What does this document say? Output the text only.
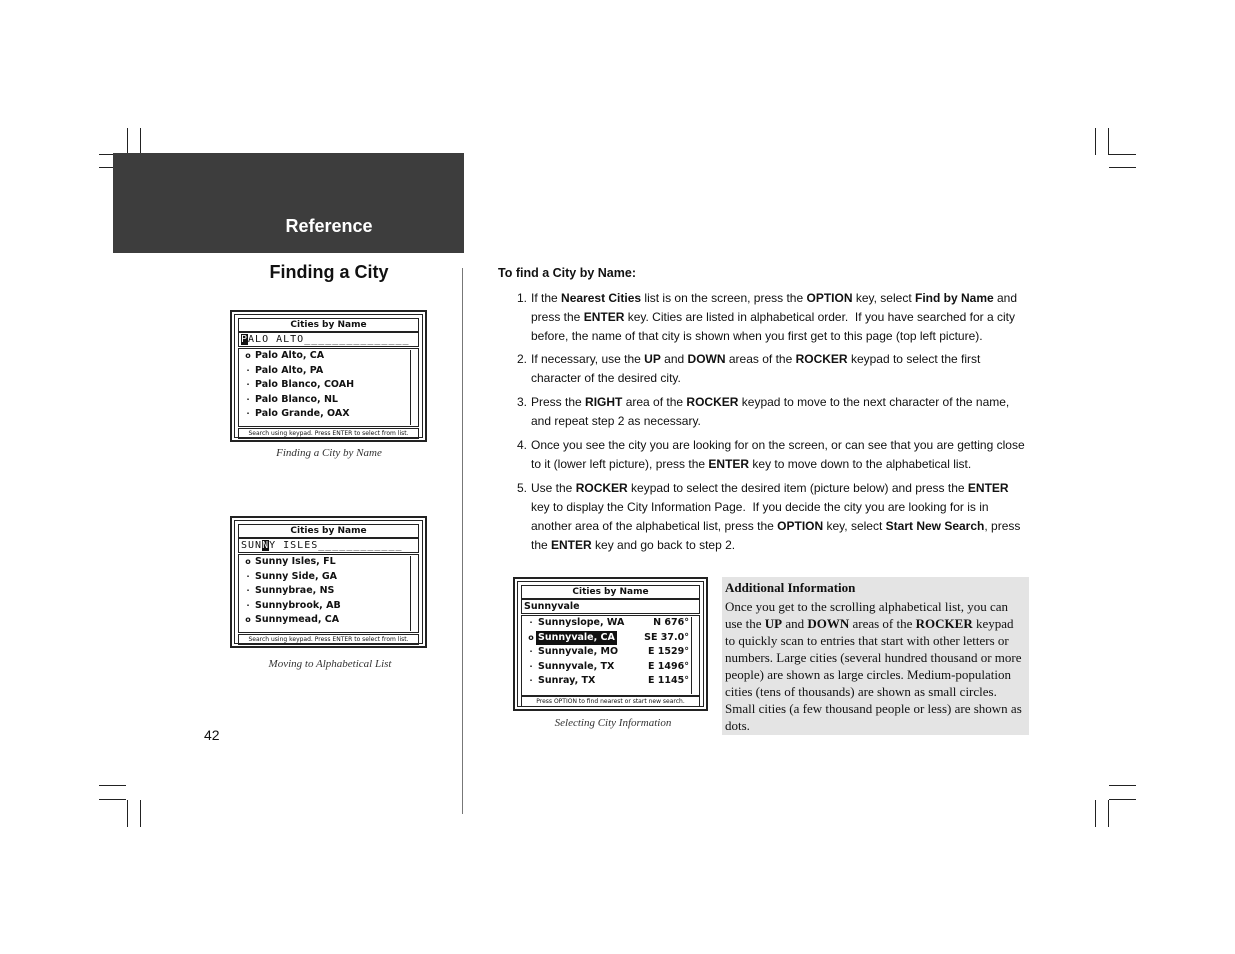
Reference
Finding a City
Cities by Name
PALO ALTO_______________
o Palo Alto, CA
· Palo Alto, PA
· Palo Blanco, COAH
· Palo Blanco, NL
· Palo Grande, OAX
Search using keypad. Press ENTER to select from list.
Finding a City by Name
Cities by Name
SUNNY ISLES____________
o Sunny Isles, FL
· Sunny Side, GA
· Sunnybrae, NS
· Sunnybrook, AB
o Sunnymead, CA
Search using keypad. Press ENTER to select from list.
Moving to Alphabetical List
42
To find a City by Name:
1. If the Nearest Cities list is on the screen, press the OPTION key, select Find by Name and press the ENTER key. Cities are listed in alphabetical order.  If you have searched for a city before, the name of that city is shown when you first get to this page (top left picture).
2. If necessary, use the UP and DOWN areas of the ROCKER keypad to select the first character of the desired city.
3. Press the RIGHT area of the ROCKER keypad to move to the next character of the name, and repeat step 2 as necessary.
4. Once you see the city you are looking for on the screen, or can see that you are getting close to it (lower left picture), press the ENTER key to move down to the alphabetical list.
5. Use the ROCKER keypad to select the desired item (picture below) and press the ENTER key to display the City Information Page.  If you decide the city you are looking for is in another area of the alphabetical list, press the OPTION key, select Start New Search, press the ENTER key and go back to step 2.
Cities by Name
Sunnyvale
· Sunnyslope, WA	N 676°
o Sunnyvale, CA	SE 37.0°
· Sunnyvale, MO	E 1529°
· Sunnyvale, TX	E 1496°
· Sunray, TX	E 1145°
Press OPTION to find nearest or start new search.
Selecting City Information
Additional Information
Once you get to the scrolling alphabetical list, you can use the UP and DOWN areas of the ROCKER keypad to quickly scan to entries that start with other letters or numbers. Large cities (several hundred thousand or more people) are shown as large circles. Medium-population cities (tens of thousands) are shown as small circles.  Small cities (a few thousand people or less) are shown as dots.
